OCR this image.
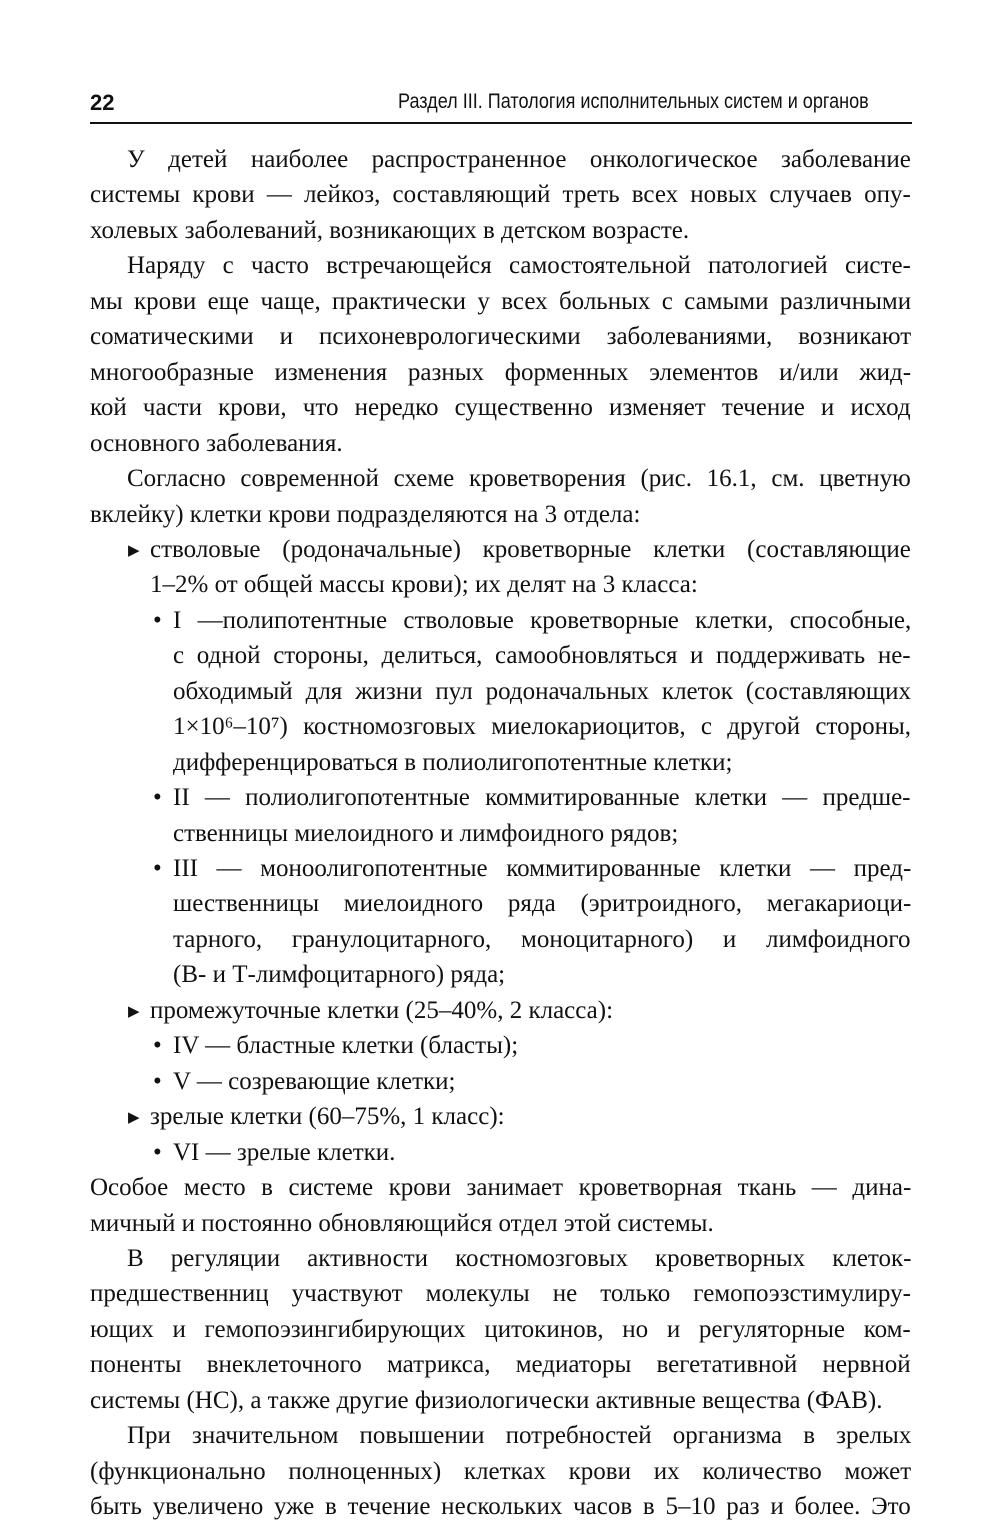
22	Раздел III. Патология исполнительных систем и органов
У детей наиболее распространенное онкологическое заболевание
системы крови — лейкоз, составляющий треть всех новых случаев опу-
холевых заболеваний, возникающих в детском возрасте.
Наряду с часто встречающейся самостоятельной патологией систе-
мы крови еще чаще, практически у всех больных с самыми различными
соматическими и психоневрологическими заболеваниями, возникают
многообразные изменения разных форменных элементов и/или жид-
кой части крови, что нередко существенно изменяет течение и исход
основного заболевания.
Согласно современной схеме кроветворения (рис. 16.1, см. цветную
вклейку) клетки крови подразделяются на 3 отдела:
▶ стволовые (родоначальные) кроветворные клетки (составляющие
1–2% от общей массы крови); их делят на 3 класса:
• I —полипотентные стволовые кроветворные клетки, способные,
с одной стороны, делиться, самообновляться и поддерживать не-
обходимый для жизни пул родоначальных клеток (составляющих
1×10⁶–10⁷) костномозговых миелокариоцитов, с другой стороны,
дифференцироваться в полиолигопотентные клетки;
• II — полиолигопотентные коммитированные клетки — предше-
ственницы миелоидного и лимфоидного рядов;
• III — моноолигопотентные коммитированные клетки — пред-
шественницы миелоидного ряда (эритроидного, мегакариоци-
тарного, гранулоцитарного, моноцитарного) и лимфоидного
(В- и Т-лимфоцитарного) ряда;
▶ промежуточные клетки (25–40%, 2 класса):
• IV — бластные клетки (бласты);
• V — созревающие клетки;
▶ зрелые клетки (60–75%, 1 класс):
• VI — зрелые клетки.
Особое место в системе крови занимает кроветворная ткань — дина-
мичный и постоянно обновляющийся отдел этой системы.
В регуляции активности костномозговых кроветворных клеток-
предшественниц участвуют молекулы не только гемопоэзстимулиру-
ющих и гемопоэзингибирующих цитокинов, но и регуляторные ком-
поненты внеклеточного матрикса, медиаторы вегетативной нервной
системы (НС), а также другие физиологически активные вещества (ФАВ).
При значительном повышении потребностей организма в зрелых
(функционально полноценных) клетках крови их количество может
быть увеличено уже в течение нескольких часов в 5–10 раз и более. Это
